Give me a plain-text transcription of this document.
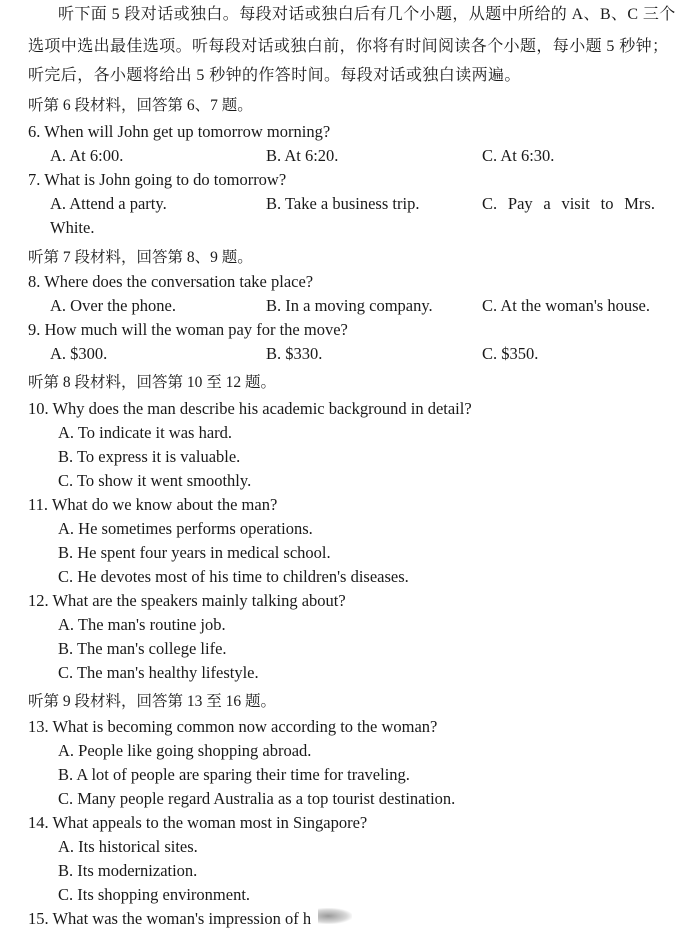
听下面 5 段对话或独白。每段对话或独白后有几个小题，从题中所给的 A、B、C 三个
选项中选出最佳选项。听每段对话或独白前，你将有时间阅读各个小题，每小题 5 秒钟；
听完后，各小题将给出 5 秒钟的作答时间。每段对话或独白读两遍。
听第 6 段材料，回答第 6、7 题。
6. When will John get up tomorrow morning?
A. At 6:00.	B. At 6:20.	C. At 6:30.
7. What is John going to do tomorrow?
A. Attend a party.	B. Take a business trip.	C. Pay a visit to Mrs.
White.
听第 7 段材料，回答第 8、9 题。
8. Where does the conversation take place?
A. Over the phone.	B. In a moving company.	C. At the woman's house.
9. How much will the woman pay for the move?
A. $300.	B. $330.	C. $350.
听第 8 段材料，回答第 10 至 12 题。
10. Why does the man describe his academic background in detail?
A. To indicate it was hard.
B. To express it is valuable.
C. To show it went smoothly.
11. What do we know about the man?
A. He sometimes performs operations.
B. He spent four years in medical school.
C. He devotes most of his time to children's diseases.
12. What are the speakers mainly talking about?
A. The man's routine job.
B. The man's college life.
C. The man's healthy lifestyle.
听第 9 段材料，回答第 13 至 16 题。
13. What is becoming common now according to the woman?
A. People like going shopping abroad.
B. A lot of people are sparing their time for traveling.
C. Many people regard Australia as a top tourist destination.
14. What appeals to the woman most in Singapore?
A. Its historical sites.
B. Its modernization.
C. Its shopping environment.
15. What was the woman's impression of h
